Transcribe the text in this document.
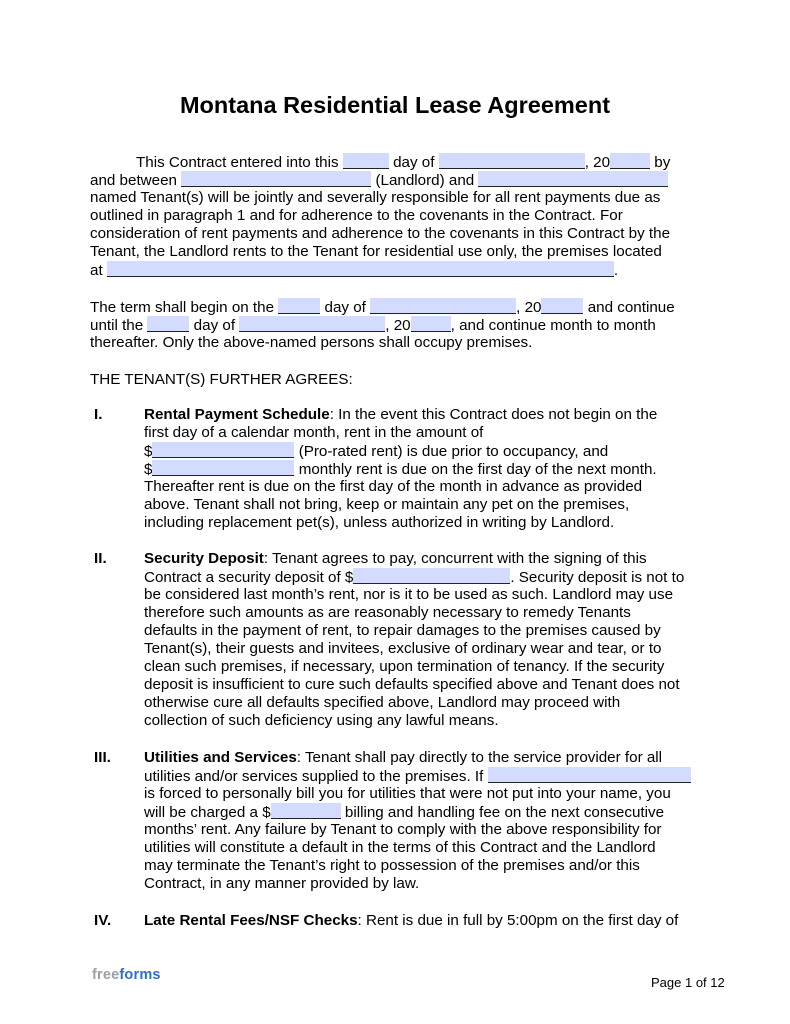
Montana Residential Lease Agreement
This Contract entered into this	day of	, 20	by
and between	(Landlord) and
named Tenant(s) will be jointly and severally responsible for all rent payments due as
outlined in paragraph 1 and for adherence to the covenants in the Contract. For
consideration of rent payments and adherence to the covenants in this Contract by the
Tenant, the Landlord rents to the Tenant for residential use only, the premises located
at	.
The term shall begin on the	day of	, 20	and continue
until the	day of	, 20	, and continue month to month
thereafter. Only the above-named persons shall occupy premises.
THE TENANT(S) FURTHER AGREES:
I.	Rental Payment Schedule: In the event this Contract does not begin on the
first day of a calendar month, rent in the amount of
$	(Pro-rated rent) is due prior to occupancy, and
$	monthly rent is due on the first day of the next month.
Thereafter rent is due on the first day of the month in advance as provided
above. Tenant shall not bring, keep or maintain any pet on the premises,
including replacement pet(s), unless authorized in writing by Landlord.
II. Security Deposit: Tenant agrees to pay, concurrent with the signing of this
Contract a security deposit of $	. Security deposit is not to
be considered last month’s rent, nor is it to be used as such. Landlord may use
therefore such amounts as are reasonably necessary to remedy Tenants
defaults in the payment of rent, to repair damages to the premises caused by
Tenant(s), their guests and invitees, exclusive of ordinary wear and tear, or to
clean such premises, if necessary, upon termination of tenancy. If the security
deposit is insufficient to cure such defaults specified above and Tenant does not
otherwise cure all defaults specified above, Landlord may proceed with
collection of such deficiency using any lawful means.
III. Utilities and Services: Tenant shall pay directly to the service provider for all
utilities and/or services supplied to the premises. If
is forced to personally bill you for utilities that were not put into your name, you
will be charged a $	billing and handling fee on the next consecutive
months’ rent. Any failure by Tenant to comply with the above responsibility for
utilities will constitute a default in the terms of this Contract and the Landlord
may terminate the Tenant’s right to possession of the premises and/or this
Contract, in any manner provided by law.
IV. Late Rental Fees/NSF Checks: Rent is due in full by 5:00pm on the first day of
freeforms	Page 1 of 12
